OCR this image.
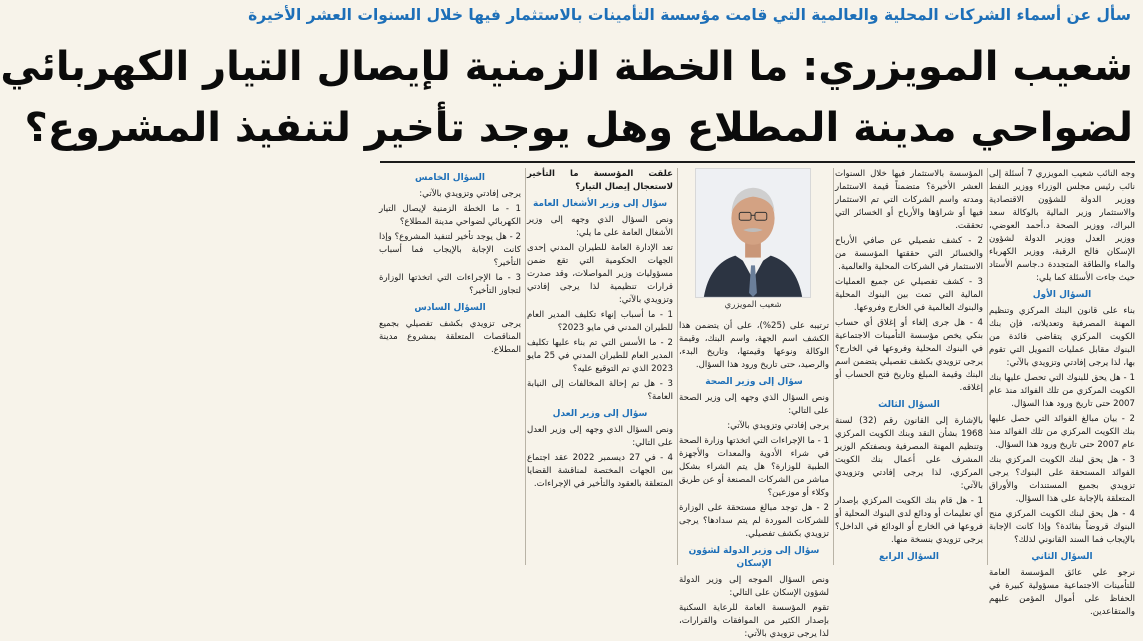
سأل عن أسماء الشركات المحلية والعالمية التي قامت مؤسسة التأمينات بالاستثمار فيها خلال السنوات العشر الأخيرة
شعيب المويزري: ما الخطة الزمنية لإيصال التيار الكهربائي
لضواحي مدينة المطلاع وهل يوجد تأخير لتنفيذ المشروع؟

وجه النائب شعيب المويزري 7 أسئلة إلى نائب رئيس مجلس الوزراء ووزير النفط ووزير الدولة للشؤون الاقتصادية والاستثمار وزير المالية بالوكالة سعد البراك، ووزير الصحة د.أحمد العوضي، ووزير العدل ووزير الدولة لشؤون الإسكان فالح الرقبة، ووزير الكهرباء والماء والطاقة المتجددة د.جاسم الأستاد حيث جاءت الأسئلة كما يلي:

السؤال الأول

بناء على قانون البنك المركزي وتنظيم المهنة المصرفية وتعديلاته، فإن بنك الكويت المركزي يتقاضى فائدة من البنوك مقابل عمليات التمويل التي تقوم بها، لذا يرجى إفادتي وتزويدي بالآتي:

1 - هل يحق للبنوك التي تحصل عليها بنك الكويت المركزي من تلك الفوائد منذ عام 2007 حتى تاريخ ورود هذا السؤال.

2 - بيان مبالغ الفوائد التي حصل عليها بنك الكويت المركزي من تلك الفوائد منذ عام 2007 حتى تاريخ ورود هذا السؤال.

3 - هل يحق لبنك الكويت المركزي بنك الفوائد المستحقة على البنوك؟ يرجى تزويدي بجميع المستندات والأوراق المتعلقة بالإجابة على هذا السؤال.

4 - هل يحق لبنك الكويت المركزي منح البنوك قروضاً بفائدة؟ وإذا كانت الإجابة بالإيجاب فما السند القانوني لذلك؟

السؤال الثاني

نرجو علي عائق المؤسسة العامة للتأمينات الاجتماعية مسؤولية كبيرة في الحفاظ على أموال المؤمن عليهم والمتقاعدين.

المؤسسة بالاستثمار فيها خلال السنوات العشر الأخيرة؟ متضمناً قيمة الاستثمار ومدته واسم الشركات التي تم الاستثمار فيها أو شراؤها والأرباح أو الخسائر التي تحققت.

2 - كشف تفصيلي عن صافي الأرباح والخسائر التي حققتها المؤسسة من الاستثمار في الشركات المحلية والعالمية.

3 - كشف تفصيلي عن جميع العمليات المالية التي تمت بين البنوك المحلية والبنوك العالمية في الخارج وفروعها.

4 - هل جرى إلغاء أو إغلاق أي حساب بنكي يخص مؤسسة التأمينات الاجتماعية في البنوك المحلية وفروعها في الخارج؟ يرجى تزويدي بكشف تفصيلي يتضمن اسم البنك وقيمة المبلغ وتاريخ فتح الحساب أو إغلاقه.

السؤال الثالث

بالإشارة إلى القانون رقم (32) لسنة 1968 بشأن النقد وبنك الكويت المركزي وتنظيم المهنة المصرفية وبصفتكم الوزير المشرف على أعمال بنك الكويت المركزي، لذا يرجى إفادتي وتزويدي بالآتي:

1 - هل قام بنك الكويت المركزي بإصدار أي تعليمات أو ودائع لدى البنوك المحلية أو فروعها في الخارج أو الودائع في الداخل؟ يرجى تزويدي بنسخة منها.

السؤال الرابع

ترتيبه على (25%)، على أن يتضمن هذا الكشف اسم الجهة، واسم البنك، وقيمة الوكالة ونوعها وقيمتها، وتاريخ البدء، والرصيد، حتى تاريخ ورود هذا السؤال.

سؤال إلى وزير الصحة

ونص السؤال الذي وجهه إلى وزير الصحة على التالي:

يرجى إفادتي وتزويدي بالآتي:

1 - ما الإجراءات التي اتخذتها وزارة الصحة في شراء الأدوية والمعدات والأجهزة الطبية للوزارة؟ هل يتم الشراء بشكل مباشر من الشركات المصنعة أو عن طريق وكلاء أو موزعين؟

2 - هل توجد مبالغ مستحقة على الوزارة للشركات الموردة لم يتم سدادها؟ يرجى تزويدي بكشف تفصيلي.

سؤال إلى وزير الدولة لشؤون الإسكان

ونص السؤال الموجه إلى وزير الدولة لشؤون الإسكان على التالي:

تقوم المؤسسة العامة للرعاية السكنية بإصدار الكثير من الموافقات والقرارات، لذا يرجى تزويدي بالآتي:

شعيب المويزري

علقت المؤسسة ما التأخير لاستعجال إيصال التيار؟

سؤال إلى وزير الأشغال العامة

ونص السؤال الذي وجهه إلى وزير الأشغال العامة على ما يلي:

تعد الإدارة العامة للطيران المدني إحدى الجهات الحكومية التي تقع ضمن مسؤوليات وزير المواصلات، وقد صدرت قرارات تنظيمية لذا يرجى إفادتي وتزويدي بالآتي:

1 - ما أسباب إنهاء تكليف المدير العام للطيران المدني في مايو 2023؟

2 - ما الأسس التي تم بناء عليها تكليف المدير العام للطيران المدني في 25 مايو 2023 الذي تم التوقيع عليه؟

3 - هل تم إحالة المخالفات إلى النيابة العامة؟

سؤال إلى وزير العدل

ونص السؤال الذي وجهه إلى وزير العدل على التالي:

4 - في 27 ديسمبر 2022 عقد اجتماع بين الجهات المختصة لمناقشة القضايا المتعلقة بالعقود والتأخير في الإجراءات.

السؤال الخامس

يرجى إفادتي وتزويدي بالآتي:

1 - ما الخطة الزمنية لإيصال التيار الكهربائي لضواحي مدينة المطلاع؟

2 - هل يوجد تأخير لتنفيذ المشروع؟ وإذا كانت الإجابة بالإيجاب فما أسباب التأخير؟

3 - ما الإجراءات التي اتخذتها الوزارة لتجاوز التأخير؟

السؤال السادس

يرجى تزويدي بكشف تفصيلي بجميع المناقصات المتعلقة بمشروع مدينة المطلاع.
